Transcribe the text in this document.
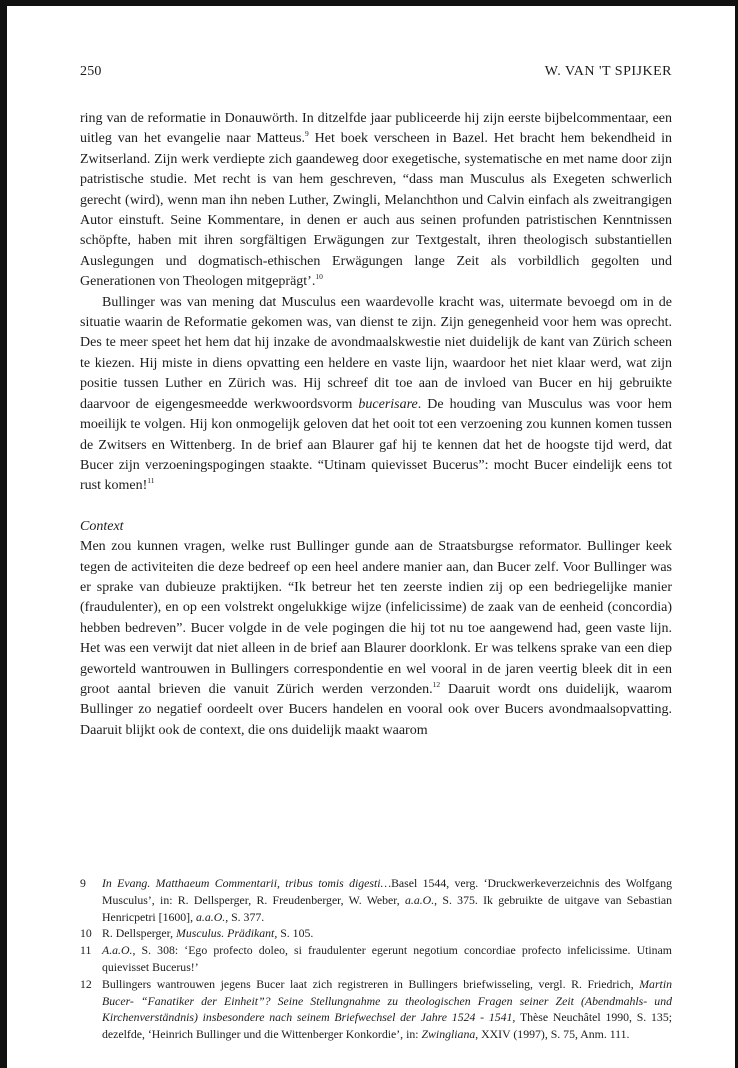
250	W. VAN 'T SPIJKER

ring van de reformatie in Donauwörth. In ditzelfde jaar publiceerde hij zijn eerste bijbelcommentaar, een uitleg van het evangelie naar Matteus.$^9$ Het boek verscheen in Bazel. Het bracht hem bekendheid in Zwitserland. Zijn werk verdiepte zich gaandeweg door exegetische, systematische en met name door zijn patristische studie. Met recht is van hem geschreven, “dass man Musculus als Exegeten schwerlich gerecht (wird), wenn man ihn neben Luther, Zwingli, Melanchthon und Calvin einfach als zweitrangigen Autor einstuft. Seine Kommentare, in denen er auch aus seinen profunden patristischen Kenntnissen schöpfte, haben mit ihren sorgfältigen Erwägungen zur Textgestalt, ihren theologisch substantiellen Auslegungen und dogmatisch-ethischen Erwägungen lange Zeit als vorbildlich gegolten und Generationen von Theologen mitgeprägt’.$^{10}$

Bullinger was van mening dat Musculus een waardevolle kracht was, uitermate bevoegd om in de situatie waarin de Reformatie gekomen was, van dienst te zijn. Zijn genegenheid voor hem was oprecht. Des te meer speet het hem dat hij inzake de avondmaalskwestie niet duidelijk de kant van Zürich scheen te kiezen. Hij miste in diens opvatting een heldere en vaste lijn, waardoor het niet klaar werd, wat zijn positie tussen Luther en Zürich was. Hij schreef dit toe aan de invloed van Bucer en hij gebruikte daarvoor de eigengesmeedde werkwoordsvorm bucerisare. De houding van Musculus was voor hem moeilijk te volgen. Hij kon onmogelijk geloven dat het ooit tot een verzoening zou kunnen komen tussen de Zwitsers en Wittenberg. In de brief aan Blaurer gaf hij te kennen dat het de hoogste tijd werd, dat Bucer zijn verzoeningspogingen staakte. “Utinam quievisset Bucerus”: mocht Bucer eindelijk eens tot rust komen!$^{11}$

Context

Men zou kunnen vragen, welke rust Bullinger gunde aan de Straatsburgse reformator. Bullinger keek tegen de activiteiten die deze bedreef op een heel andere manier aan, dan Bucer zelf. Voor Bullinger was er sprake van dubieuze praktijken. “Ik betreur het ten zeerste indien zij op een bedriegelijke manier (fraudulenter), en op een volstrekt ongelukkige wijze (infelicissime) de zaak van de eenheid (concordia) hebben bedreven”. Bucer volgde in de vele pogingen die hij tot nu toe aangewend had, geen vaste lijn. Het was een verwijt dat niet alleen in de brief aan Blaurer doorklonk. Er was telkens sprake van een diep geworteld wantrouwen in Bullingers correspondentie en wel vooral in de jaren veertig bleek dit in een groot aantal brieven die vanuit Zürich werden verzonden.$^{12}$ Daaruit wordt ons duidelijk, waarom Bullinger zo negatief oordeelt over Bucers handelen en vooral ook over Bucers avondmaalsopvatting. Daaruit blijkt ook de context, die ons duidelijk maakt waarom

9 In Evang. Matthaeum Commentarii, tribus tomis digesti…Basel 1544, verg. ‘Druckwerkeverzeichnis des Wolfgang Musculus’, in: R. Dellsperger, R. Freudenberger, W. Weber, a.a.O., S. 375. Ik gebruikte de uitgave van Sebastian Henricpetri [1600], a.a.O., S. 377.

10 R. Dellsperger, Musculus. Prädikant, S. 105.

11 A.a.O., S. 308: ‘Ego profecto doleo, si fraudulenter egerunt negotium concordiae profecto infelicissime. Utinam quievisset Bucerus!’

12 Bullingers wantrouwen jegens Bucer laat zich registreren in Bullingers briefwisseling, vergl. R. Friedrich, Martin Bucer- “Fanatiker der Einheit”? Seine Stellungnahme zu theologischen Fragen seiner Zeit (Abendmahls- und Kirchenverständnis) insbesondere nach seinem Briefwechsel der Jahre 1524 - 1541, Thèse Neuchâtel 1990, S. 135; dezelfde, ‘Heinrich Bullinger und die Wittenberger Konkordie’, in: Zwingliana, XXIV (1997), S. 75, Anm. 111.
